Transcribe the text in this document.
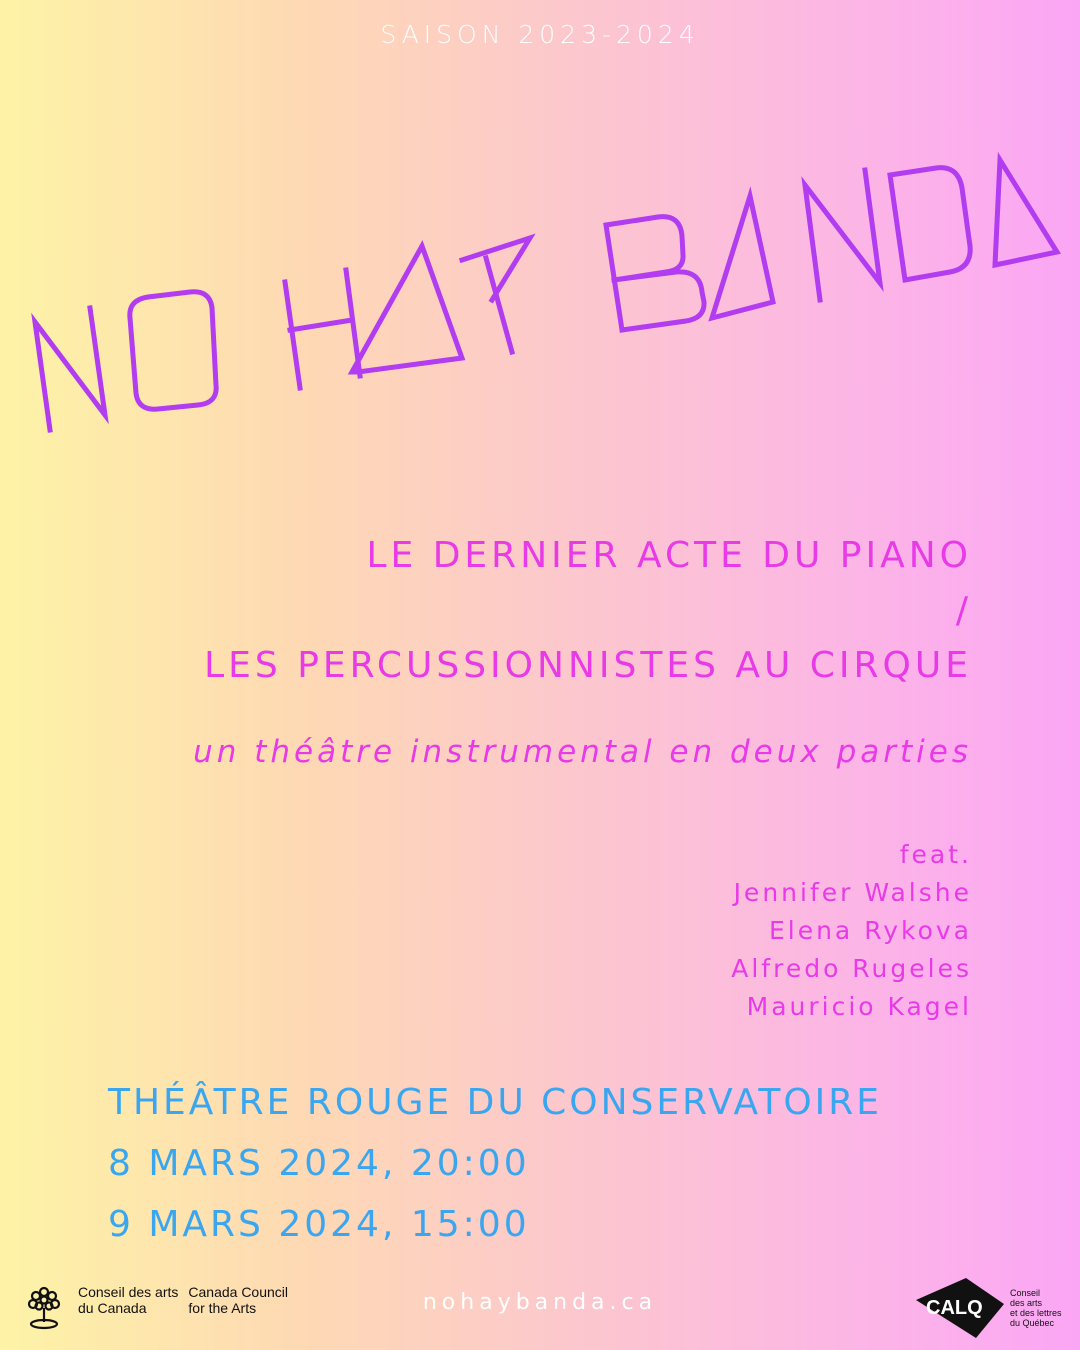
SAISON 2023-2024
LE DERNIER ACTE DU PIANO
/
LES PERCUSSIONNISTES AU CIRQUE
un théâtre instrumental en deux parties
feat.
Jennifer Walshe
Elena Rykova
Alfredo Rugeles
Mauricio Kagel
THÉÂTRE ROUGE DU CONSERVATOIRE
8 MARS 2024, 20:00
9 MARS 2024, 15:00
Conseil des arts
du Canada
Canada Council
for the Arts	nohaybanda.ca	CALQ
Conseil
des arts
et des lettres
du Québec
